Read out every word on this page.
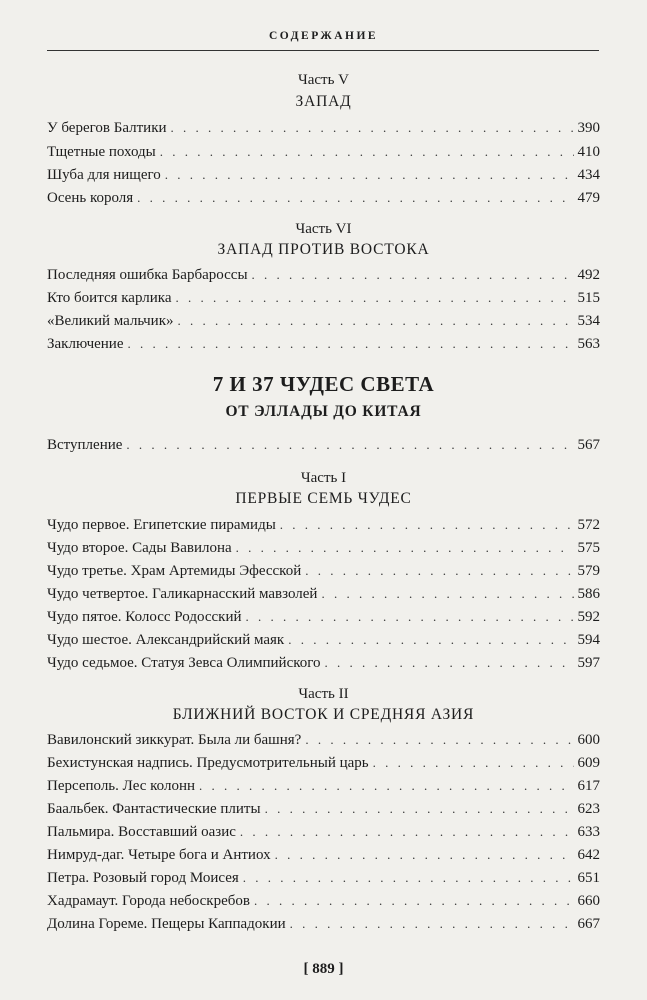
СОДЕРЖАНИЕ
Часть V
ЗАПАД
У берегов Балтики . . .	390
Тщетные походы . . .	410
Шуба для нищего . . .	434
Осень короля . . .	479
Часть VI
ЗАПАД ПРОТИВ ВОСТОКА
Последняя ошибка Барбароссы . . .	492
Кто боится карлика . . .	515
«Великий мальчик» . . .	534
Заключение . . .	563
7 И 37 ЧУДЕС СВЕТА
ОТ ЭЛЛАДЫ ДО КИТАЯ
Вступление . . .	567
Часть I
ПЕРВЫЕ СЕМЬ ЧУДЕС
Чудо первое. Египетские пирамиды . . .	572
Чудо второе. Сады Вавилона . . .	575
Чудо третье. Храм Артемиды Эфесской . . .	579
Чудо четвертое. Галикарнасский мавзолей . . .	586
Чудо пятое. Колосс Родосский . . .	592
Чудо шестое. Александрийский маяк . . .	594
Чудо седьмое. Статуя Зевса Олимпийского . . .	597
Часть II
БЛИЖНИЙ ВОСТОК И СРЕДНЯЯ АЗИЯ
Вавилонский зиккурат. Была ли башня? . . .	600
Бехистунская надпись. Предусмотрительный царь . . .	609
Персеполь. Лес колонн . . .	617
Баальбек. Фантастические плиты . . .	623
Пальмира. Восставший оазис . . .	633
Нимруд-даг. Четыре бога и Антиох . . .	642
Петра. Розовый город Моисея . . .	651
Хадрамаут. Города небоскребов . . .	660
Долина Гореме. Пещеры Каппадокии . . .	667
[ 889 ]
